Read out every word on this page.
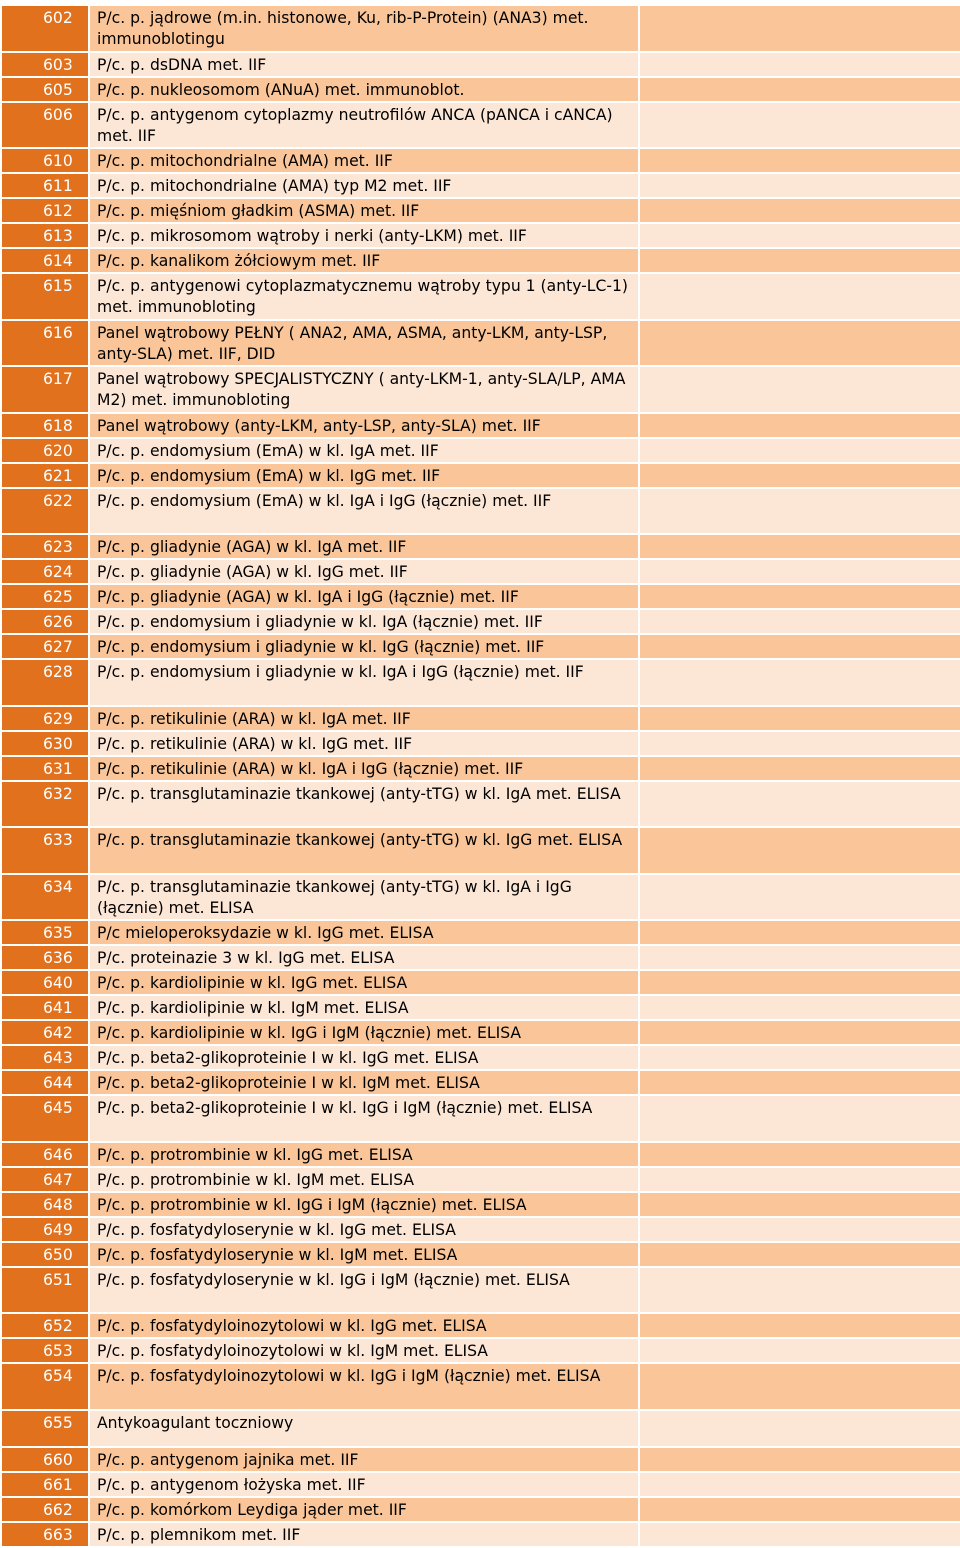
602	P/c. p. jądrowe (m.in. histonowe, Ku, rib-P-Protein) (ANA3) met. immunoblotingu	
603	P/c. p. dsDNA met. IIF	
605	P/c. p. nukleosomom (ANuA) met. immunoblot.	
606	P/c. p. antygenom cytoplazmy neutrofilów ANCA (pANCA i cANCA) met. IIF	
610	P/c. p. mitochondrialne (AMA) met. IIF	
611	P/c. p. mitochondrialne (AMA) typ M2 met. IIF	
612	P/c. p. mięśniom gładkim (ASMA) met. IIF	
613	P/c. p. mikrosomom wątroby i nerki (anty-LKM) met. IIF	
614	P/c. p. kanalikom żółciowym met. IIF	
615	P/c. p. antygenowi cytoplazmatycznemu wątroby typu 1 (anty-LC-1) met. immunobloting	
616	Panel wątrobowy PEŁNY ( ANA2, AMA, ASMA, anty-LKM, anty-LSP, anty-SLA) met. IIF, DID	
617	Panel wątrobowy SPECJALISTYCZNY ( anty-LKM-1, anty-SLA/LP, AMA M2) met. immunobloting	
618	Panel wątrobowy (anty-LKM, anty-LSP, anty-SLA) met. IIF	
620	P/c. p. endomysium (EmA) w kl. IgA met. IIF	
621	P/c. p. endomysium (EmA) w kl. IgG met. IIF	
622	P/c. p. endomysium (EmA) w kl. IgA i IgG (łącznie) met. IIF	
623	P/c. p. gliadynie (AGA) w kl. IgA met. IIF	
624	P/c. p. gliadynie (AGA) w kl. IgG met. IIF	
625	P/c. p. gliadynie (AGA) w kl. IgA i IgG (łącznie) met. IIF	
626	P/c. p. endomysium i gliadynie w kl. IgA (łącznie) met. IIF	
627	P/c. p. endomysium i gliadynie w kl. IgG (łącznie) met. IIF	
628	P/c. p. endomysium i gliadynie w kl. IgA i IgG (łącznie) met. IIF	
629	P/c. p. retikulinie (ARA) w kl. IgA met. IIF	
630	P/c. p. retikulinie (ARA) w kl. IgG met. IIF	
631	P/c. p. retikulinie (ARA) w kl. IgA i IgG (łącznie) met. IIF	
632	P/c. p. transglutaminazie tkankowej (anty-tTG) w kl. IgA met. ELISA	
633	P/c. p. transglutaminazie tkankowej (anty-tTG) w kl. IgG met. ELISA	
634	P/c. p. transglutaminazie tkankowej (anty-tTG) w kl. IgA i IgG (łącznie) met. ELISA	
635	P/c mieloperoksydazie w kl. IgG met. ELISA	
636	P/c. proteinazie 3 w kl. IgG met. ELISA	
640	P/c. p. kardiolipinie w kl. IgG met. ELISA	
641	P/c. p. kardiolipinie w kl. IgM met. ELISA	
642	P/c. p. kardiolipinie w kl. IgG i IgM (łącznie) met. ELISA	
643	P/c. p. beta2-glikoproteinie I w kl. IgG met. ELISA	
644	P/c. p. beta2-glikoproteinie I w kl. IgM met. ELISA	
645	P/c. p. beta2-glikoproteinie I w kl. IgG i IgM (łącznie) met. ELISA	
646	P/c. p. protrombinie w kl. IgG met. ELISA	
647	P/c. p. protrombinie w kl. IgM met. ELISA	
648	P/c. p. protrombinie w kl. IgG i IgM (łącznie) met. ELISA	
649	P/c. p. fosfatydyloserynie w kl. IgG met. ELISA	
650	P/c. p. fosfatydyloserynie w kl. IgM met. ELISA	
651	P/c. p. fosfatydyloserynie w kl. IgG i IgM (łącznie) met. ELISA	
652	P/c. p. fosfatydyloinozytolowi w kl. IgG met. ELISA	
653	P/c. p. fosfatydyloinozytolowi w kl. IgM met. ELISA	
654	P/c. p. fosfatydyloinozytolowi w kl. IgG i IgM (łącznie) met. ELISA	
655	Antykoagulant toczniowy	
660	P/c. p. antygenom jajnika met. IIF	
661	P/c. p. antygenom łożyska met. IIF	
662	P/c. p. komórkom Leydiga jąder met. IIF	
663	P/c. p. plemnikom met. IIF	
